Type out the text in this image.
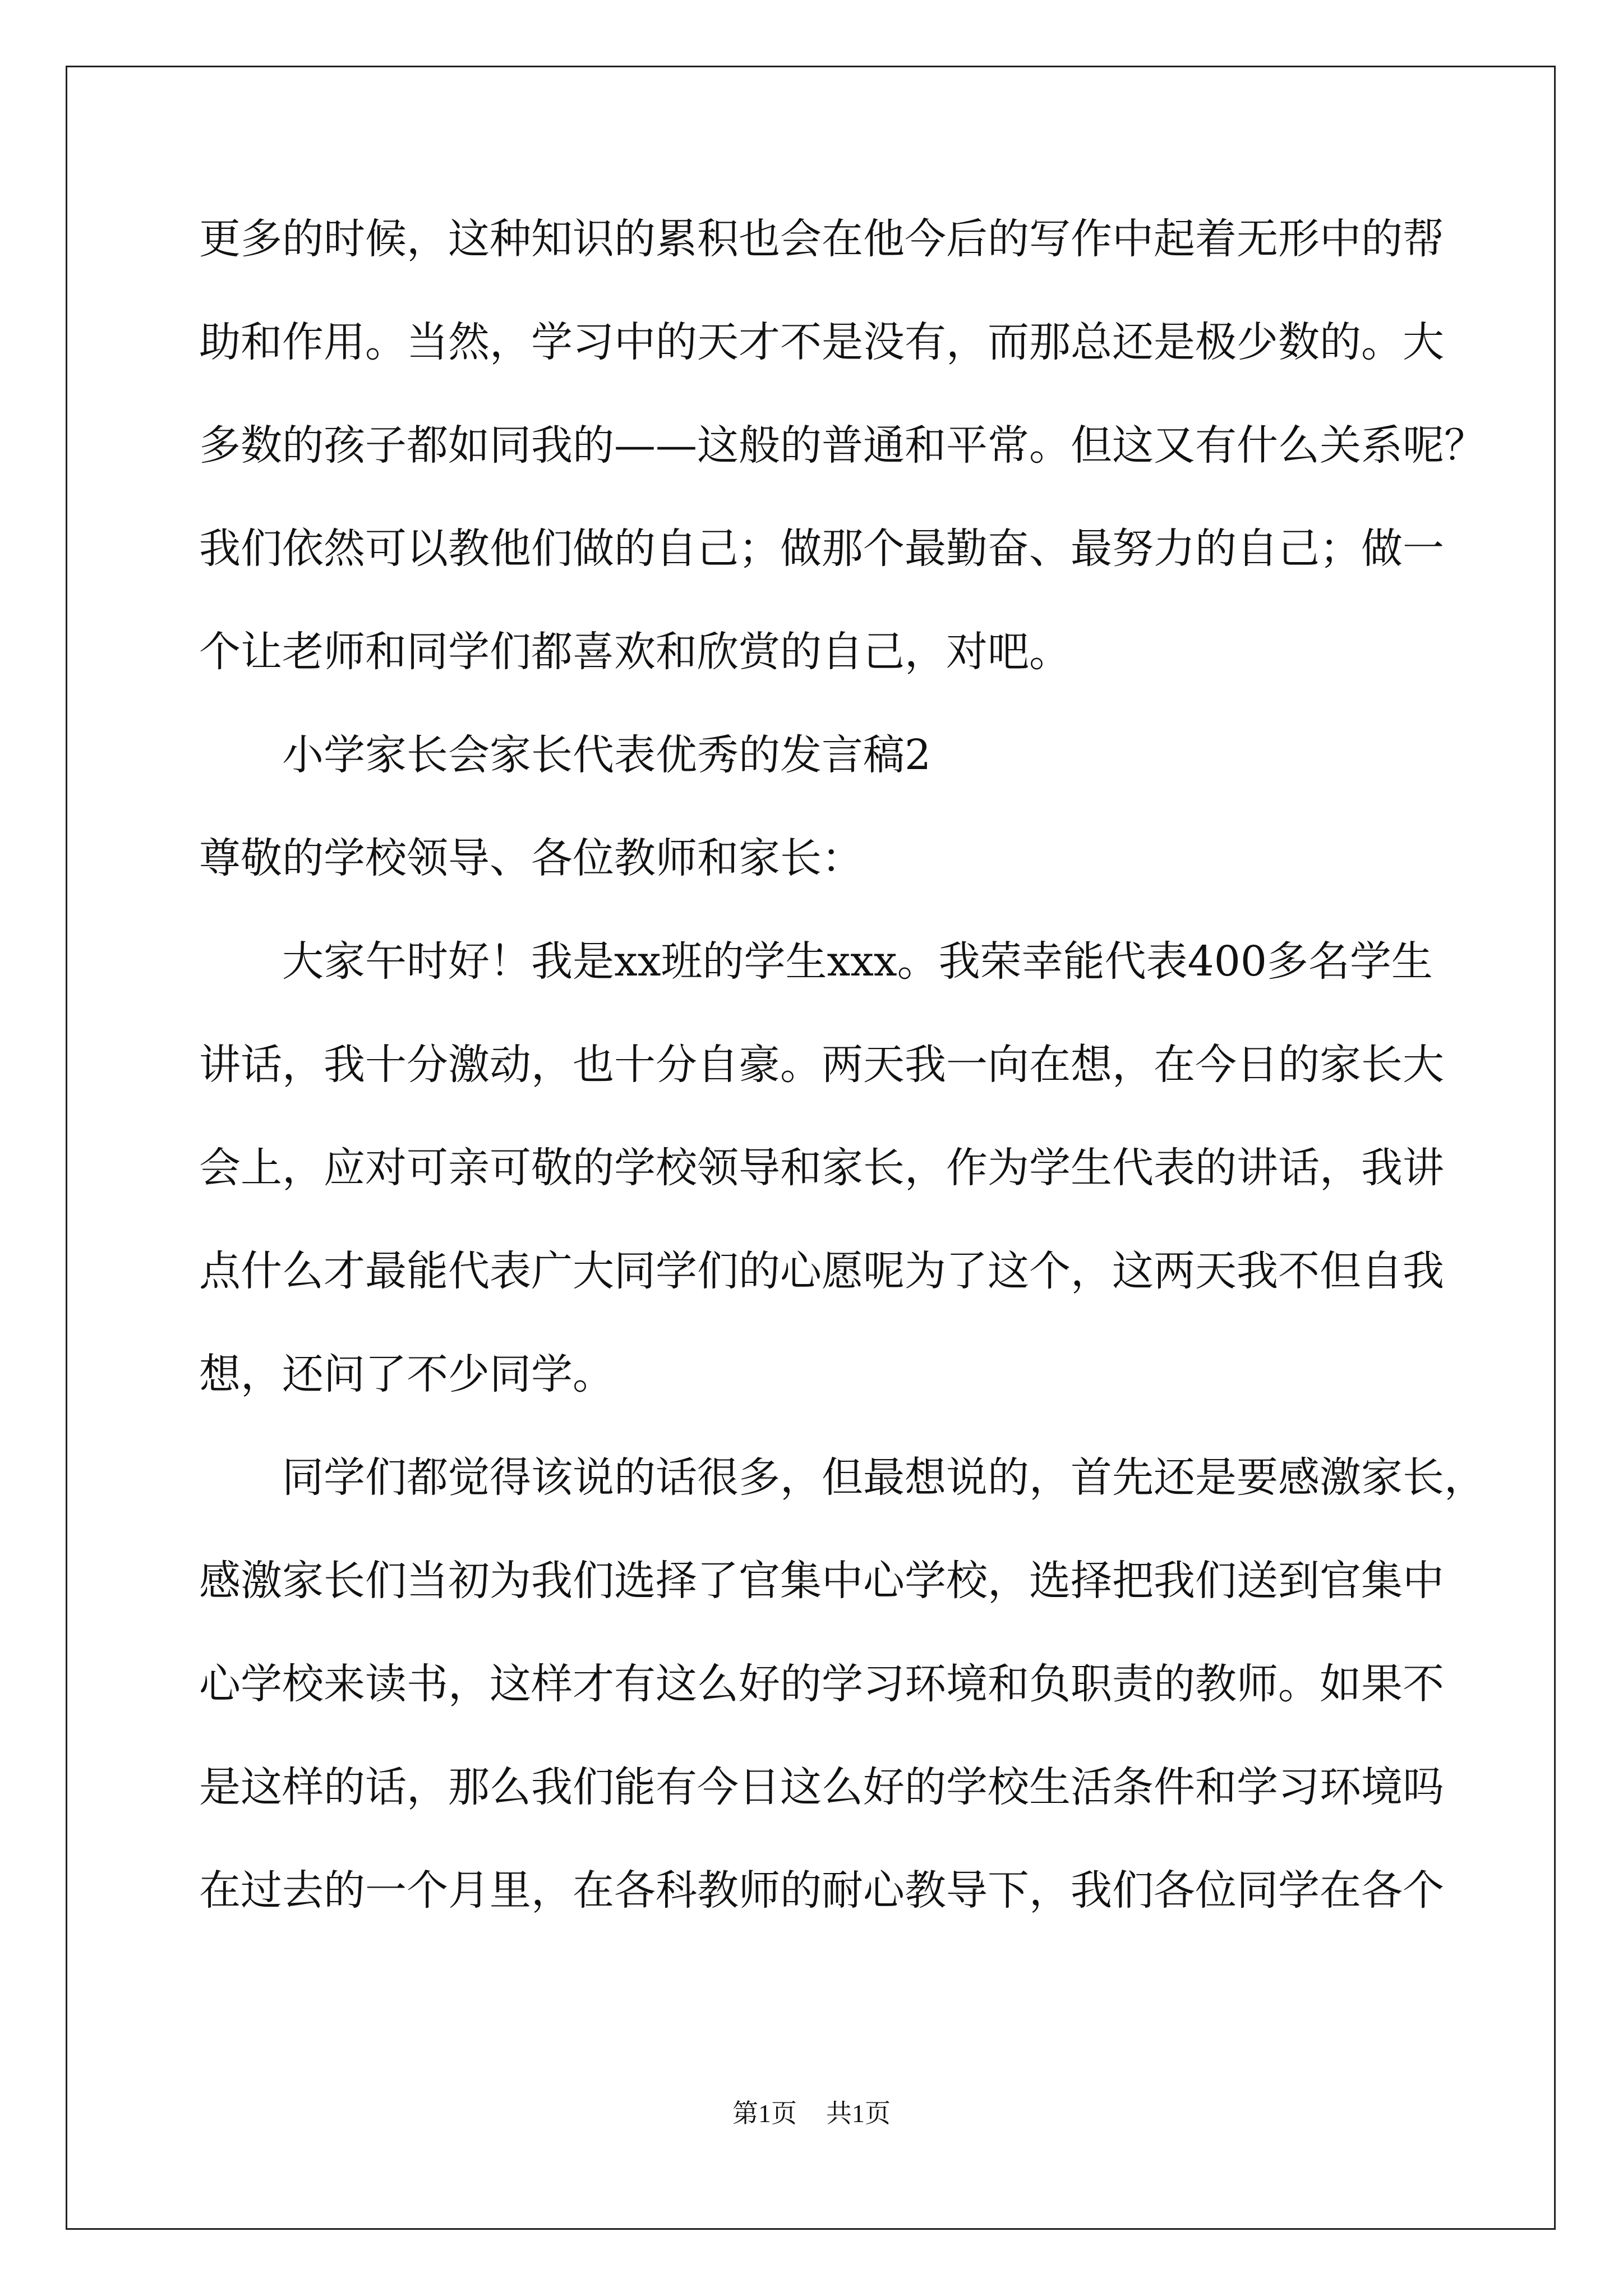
更多的时候，这种知识的累积也会在他今后的写作中起着无形中的帮
助和作用。当然，学习中的天才不是没有，而那总还是极少数的。大
多数的孩子都如同我的——这般的普通和平常。但这又有什么关系呢？
我们依然可以教他们做的自己；做那个最勤奋、最努力的自己；做一
个让老师和同学们都喜欢和欣赏的自己，对吧。
小学家长会家长代表优秀的发言稿2
尊敬的学校领导、各位教师和家长：
大家午时好！我是xx班的学生xxx。我荣幸能代表400多名学生
讲话，我十分激动，也十分自豪。两天我一向在想，在今日的家长大
会上，应对可亲可敬的学校领导和家长，作为学生代表的讲话，我讲
点什么才最能代表广大同学们的心愿呢为了这个，这两天我不但自我
想，还问了不少同学。
同学们都觉得该说的话很多，但最想说的，首先还是要感激家长，
感激家长们当初为我们选择了官集中心学校，选择把我们送到官集中
心学校来读书，这样才有这么好的学习环境和负职责的教师。如果不
是这样的话，那么我们能有今日这么好的学校生活条件和学习环境吗
在过去的一个月里，在各科教师的耐心教导下，我们各位同学在各个
第1页 共1页
